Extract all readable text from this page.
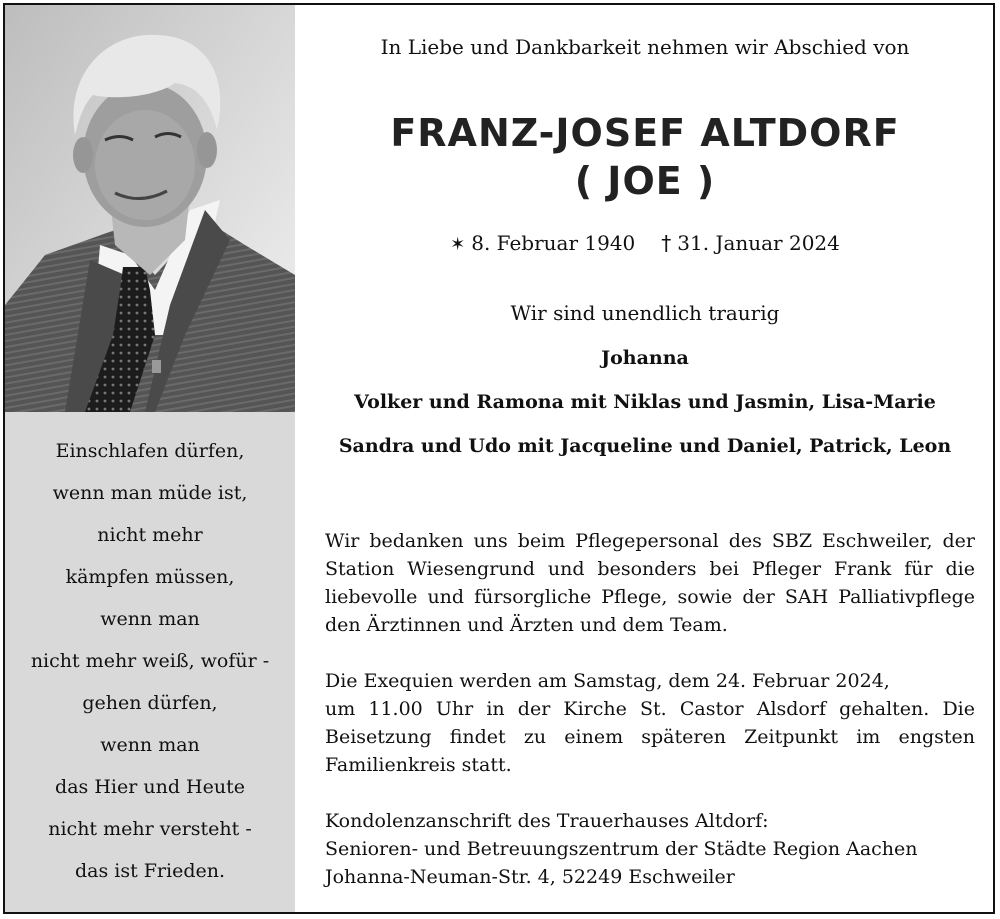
Einschlafen dürfen,
wenn man müde ist,
nicht mehr
kämpfen müssen,
wenn man
nicht mehr weiß, wofür -
gehen dürfen,
wenn man
das Hier und Heute
nicht mehr versteht -
das ist Frieden.
In Liebe und Dankbarkeit nehmen wir Abschied von
FRANZ-JOSEF ALTDORF
( JOE )
✶ 8. Februar 1940 † 31. Januar 2024
Wir sind unendlich traurig
Johanna
Volker und Ramona mit Niklas und Jasmin, Lisa-Marie
Sandra und Udo mit Jacqueline und Daniel, Patrick, Leon
Wir bedanken uns beim Pflegepersonal des SBZ Eschweiler, der
Station Wiesengrund und besonders bei Pfleger Frank für die
liebevolle und fürsorgliche Pflege, sowie der SAH Palliativpflege
den Ärztinnen und Ärzten und dem Team.
Die Exequien werden am Samstag, dem 24. Februar 2024,
um 11.00 Uhr in der Kirche St. Castor Alsdorf gehalten. Die
Beisetzung findet zu einem späteren Zeitpunkt im engsten
Familienkreis statt.
Kondolenzanschrift des Trauerhauses Altdorf:
Senioren- und Betreuungszentrum der Städte Region Aachen
Johanna-Neuman-Str. 4, 52249 Eschweiler
